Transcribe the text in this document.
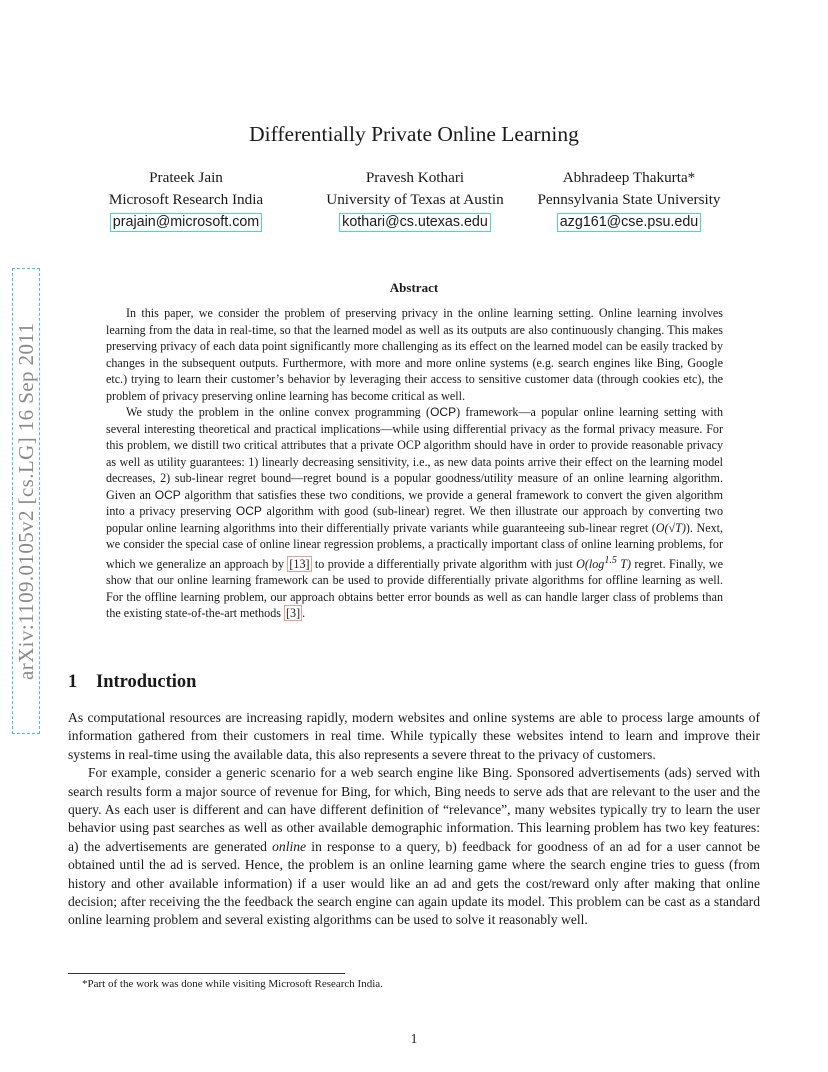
arXiv:1109.0105v2 [cs.LG] 16 Sep 2011
Differentially Private Online Learning
Prateek Jain
Microsoft Research India
prajain@microsoft.com
Pravesh Kothari
University of Texas at Austin
kothari@cs.utexas.edu
Abhradeep Thakurta*
Pennsylvania State University
azg161@cse.psu.edu
Abstract

In this paper, we consider the problem of preserving privacy in the online learning setting. Online learning involves learning from the data in real-time, so that the learned model as well as its outputs are also continuously changing. This makes preserving privacy of each data point significantly more challenging as its effect on the learned model can be easily tracked by changes in the subsequent outputs. Furthermore, with more and more online systems (e.g. search engines like Bing, Google etc.) trying to learn their customer’s behavior by leveraging their access to sensitive customer data (through cookies etc), the problem of privacy preserving online learning has become critical as well.

We study the problem in the online convex programming (OCP) framework—a popular online learning setting with several interesting theoretical and practical implications—while using differential privacy as the formal privacy measure. For this problem, we distill two critical attributes that a private OCP algorithm should have in order to provide reasonable privacy as well as utility guarantees: 1) linearly decreasing sensitivity, i.e., as new data points arrive their effect on the learning model decreases, 2) sub-linear regret bound—regret bound is a popular goodness/utility measure of an online learning algorithm. Given an OCP algorithm that satisfies these two conditions, we provide a general framework to convert the given algorithm into a privacy preserving OCP algorithm with good (sub-linear) regret. We then illustrate our approach by converting two popular online learning algorithms into their differentially private variants while guaranteeing sub-linear regret (O(√T)). Next, we consider the special case of online linear regression problems, a practically important class of online learning problems, for which we generalize an approach by [13] to provide a differentially private algorithm with just $O(\log^{1.5}$ T) regret. Finally, we show that our online learning framework can be used to provide differentially private algorithms for offline learning as well. For the offline learning problem, our approach obtains better error bounds as well as can handle larger class of problems than the existing state-of-the-art methods [3] .

1 Introduction

As computational resources are increasing rapidly, modern websites and online systems are able to process large amounts of information gathered from their customers in real time. While typically these websites intend to learn and improve their systems in real-time using the available data, this also represents a severe threat to the privacy of customers.

For example, consider a generic scenario for a web search engine like Bing. Sponsored advertisements (ads) served with search results form a major source of revenue for Bing, for which, Bing needs to serve ads that are relevant to the user and the query. As each user is different and can have different definition of “relevance”, many websites typically try to learn the user behavior using past searches as well as other available demographic information. This learning problem has two key features: a) the advertisements are generated online in response to a query, b) feedback for goodness of an ad for a user cannot be obtained until the ad is served. Hence, the problem is an online learning game where the search engine tries to guess (from history and other available information) if a user would like an ad and gets the cost/reward only after making that online decision; after receiving the the feedback the search engine can again update its model. This problem can be cast as a standard online learning problem and several existing algorithms can be used to solve it reasonably well.

*Part of the work was done while visiting Microsoft Research India.
1
